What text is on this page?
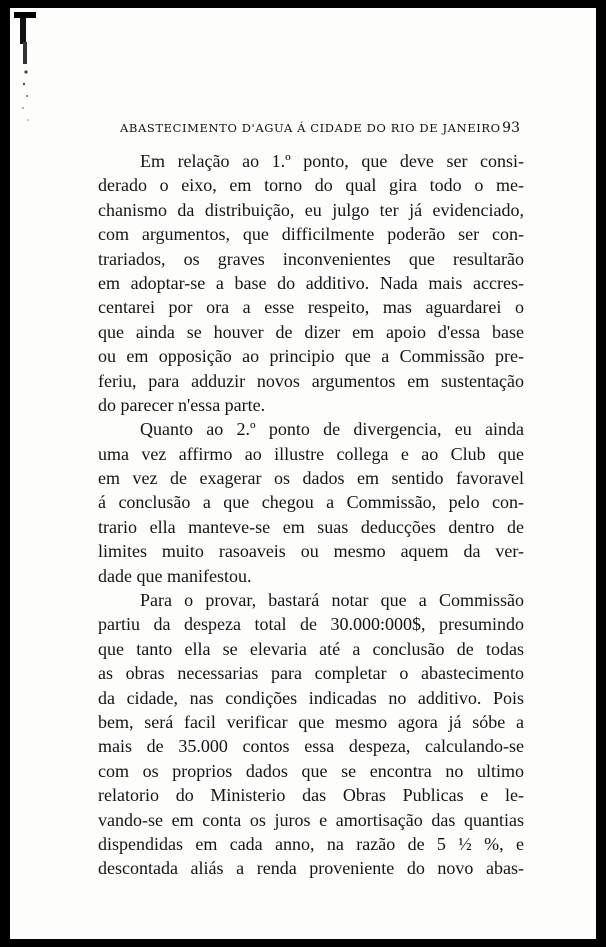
ABASTECIMENTO D'AGUA Á CIDADE DO RIO DE JANEIRO 93
Em relação ao 1.º ponto, que deve ser consi-
derado o eixo, em torno do qual gira todo o me-
chanismo da distribuição, eu julgo ter já evidenciado,
com argumentos, que difficilmente poderão ser con-
trariados, os graves inconvenientes que resultarão
em adoptar-se a base do additivo. Nada mais accres-
centarei por ora a esse respeito, mas aguardarei o
que ainda se houver de dizer em apoio d'essa base
ou em opposição ao principio que a Commissão pre-
feriu, para adduzir novos argumentos em sustentação
do parecer n'essa parte.
Quanto ao 2.º ponto de divergencia, eu ainda
uma vez affirmo ao illustre collega e ao Club que
em vez de exagerar os dados em sentido favoravel
á conclusão a que chegou a Commissão, pelo con-
trario ella manteve-se em suas deducções dentro de
limites muito rasoaveis ou mesmo aquem da ver-
dade que manifestou.
Para o provar, bastará notar que a Commissão
partiu da despeza total de 30.000:000$, presumindo
que tanto ella se elevaria até a conclusão de todas
as obras necessarias para completar o abastecimento
da cidade, nas condições indicadas no additivo. Pois
bem, será facil verificar que mesmo agora já sóbe a
mais de 35.000 contos essa despeza, calculando-se
com os proprios dados que se encontra no ultimo
relatorio do Ministerio das Obras Publicas e le-
vando-se em conta os juros e amortisação das quantias
dispendidas em cada anno, na razão de 5 ½ %, e
descontada aliás a renda proveniente do novo abas-
